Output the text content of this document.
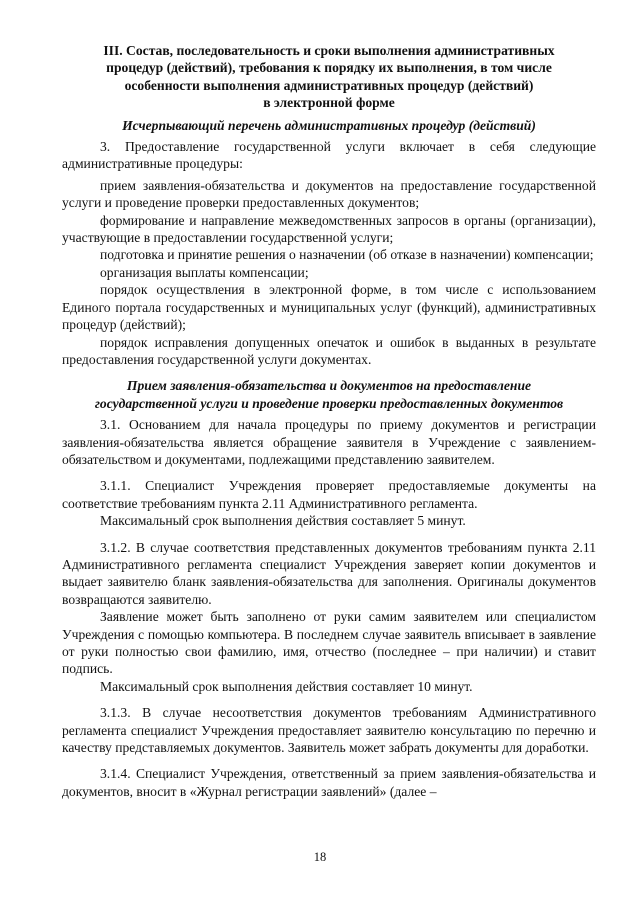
III. Состав, последовательность и сроки выполнения административных
процедур (действий), требования к порядку их выполнения, в том числе
особенности выполнения административных процедур (действий)
в электронной форме
Исчерпывающий перечень административных процедур (действий)

3. Предоставление государственной услуги включает в себя следующие административные процедуры:

прием заявления-обязательства и документов на предоставление государственной услуги и проведение проверки предоставленных документов;

формирование и направление межведомственных запросов в органы (организации), участвующие в предоставлении государственной услуги;

подготовка и принятие решения о назначении (об отказе в назначении) компенсации;

организация выплаты компенсации;

порядок осуществления в электронной форме, в том числе с использованием Единого портала государственных и муниципальных услуг (функций), административных процедур (действий);

порядок исправления допущенных опечаток и ошибок в выданных в результате предоставления государственной услуги документах.

Прием заявления-обязательства и документов на предоставление
государственной услуги и проведение проверки предоставленных документов

3.1. Основанием для начала процедуры по приему документов и регистрации заявления-обязательства является обращение заявителя в Учреждение с заявлением-обязательством и документами, подлежащими представлению заявителем.

3.1.1. Специалист Учреждения проверяет предоставляемые документы на соответствие требованиям пункта 2.11 Административного регламента.

Максимальный срок выполнения действия составляет 5 минут.

3.1.2. В случае соответствия представленных документов требованиям пункта 2.11 Административного регламента специалист Учреждения заверяет копии документов и выдает заявителю бланк заявления-обязательства для заполнения. Оригиналы документов возвращаются заявителю.

Заявление может быть заполнено от руки самим заявителем или специалистом Учреждения с помощью компьютера. В последнем случае заявитель вписывает в заявление от руки полностью свои фамилию, имя, отчество (последнее – при наличии) и ставит подпись.

Максимальный срок выполнения действия составляет 10 минут.

3.1.3. В случае несоответствия документов требованиям Административного регламента специалист Учреждения предоставляет заявителю консультацию по перечню и качеству представляемых документов. Заявитель может забрать документы для доработки.

3.1.4. Специалист Учреждения, ответственный за прием заявления-обязательства и документов, вносит в «Журнал регистрации заявлений» (далее –

18
